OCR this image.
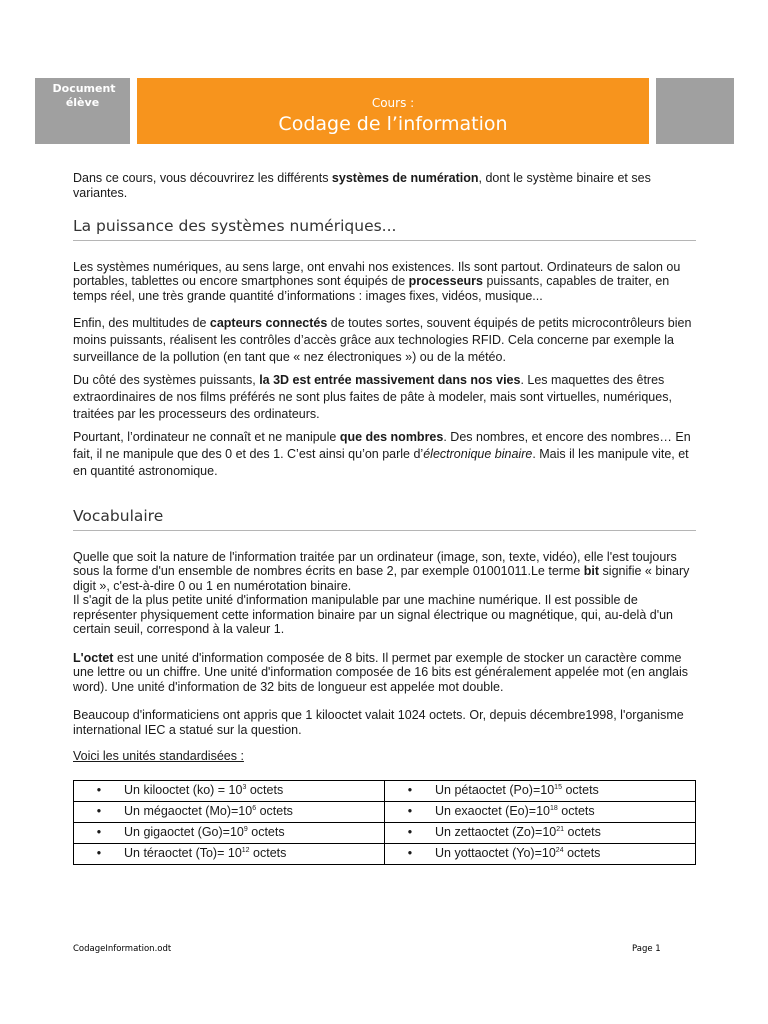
Document élève	Cours :
Codage de l’information

Dans ce cours, vous découvrirez les différents systèmes de numération, dont le système binaire et ses variantes.

La puissance des systèmes numériques...

Les systèmes numériques, au sens large, ont envahi nos existences. Ils sont partout. Ordinateurs de salon ou portables, tablettes ou encore smartphones sont équipés de processeurs puissants, capables de traiter, en temps réel, une très grande quantité d’informations : images fixes, vidéos, musique...

Enfin, des multitudes de capteurs connectés de toutes sortes, souvent équipés de petits microcontrôleurs bien moins puissants, réalisent les contrôles d’accès grâce aux technologies RFID. Cela concerne par exemple la surveillance de la pollution (en tant que « nez électroniques ») ou de la météo.

Du côté des systèmes puissants, la 3D est entrée massivement dans nos vies. Les maquettes des êtres extraordinaires de nos films préférés ne sont plus faites de pâte à modeler, mais sont virtuelles, numériques, traitées par les processeurs des ordinateurs.

Pourtant, l’ordinateur ne connaît et ne manipule que des nombres. Des nombres, et encore des nombres… En fait, il ne manipule que des 0 et des 1. C’est ainsi qu’on parle d’électronique binaire. Mais il les manipule vite, et en quantité astronomique.

Vocabulaire

Quelle que soit la nature de l'information traitée par un ordinateur (image, son, texte, vidéo), elle l'est toujours sous la forme d'un ensemble de nombres écrits en base 2, par exemple 01001011.Le terme bit signifie « binary digit », c'est-à-dire 0 ou 1 en numérotation binaire.
Il s'agit de la plus petite unité d'information manipulable par une machine numérique. Il est possible de représenter physiquement cette information binaire par un signal électrique ou magnétique, qui, au-delà d'un certain seuil, correspond à la valeur 1.

L'octet est une unité d'information composée de 8 bits. Il permet par exemple de stocker un caractère comme une lettre ou un chiffre. Une unité d'information composée de 16 bits est généralement appelée mot (en anglais word). Une unité d'information de 32 bits de longueur est appelée mot double.

Beaucoup d'informaticiens ont appris que 1 kilooctet valait 1024 octets. Or, depuis décembre1998, l'organisme international IEC a statué sur la question.

Voici les unités standardisées :

• Un kilooctet $(ko) = 10^3$ octets	• Un pétaoctet $(Po)=10^{15}$ octets
• Un mégaoctet $(Mo)=10^6$ octets	• Un exaoctet $(Eo)=10^{18}$ octets
• Un gigaoctet $(Go)=10^9$ octets	• Un zettaoctet $(Zo)=10^{21}$ octets
• Un téraoctet $(To)= 10^{12}$ octets	• Un yottaoctet $(Yo)=10^{24}$ octets
CodageInformation.odt	Page 1
